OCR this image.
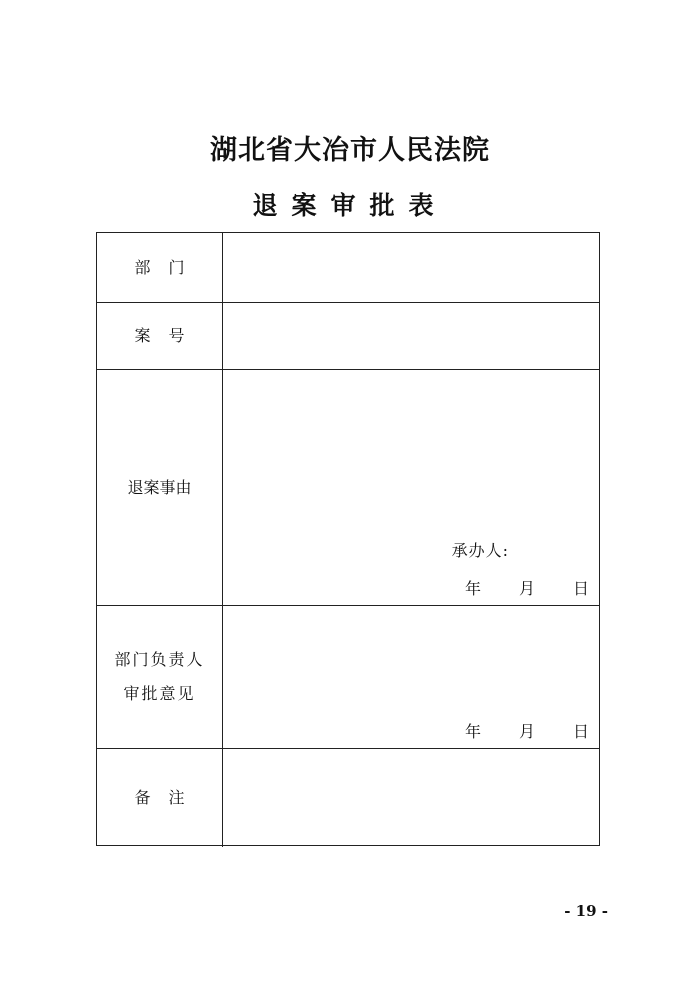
湖北省大冶市人民法院
退案审批表
部门
案号
退案事由
承办人:
年 月 日
部门负责人
审批意见
年 月 日
备注
- 19 -
